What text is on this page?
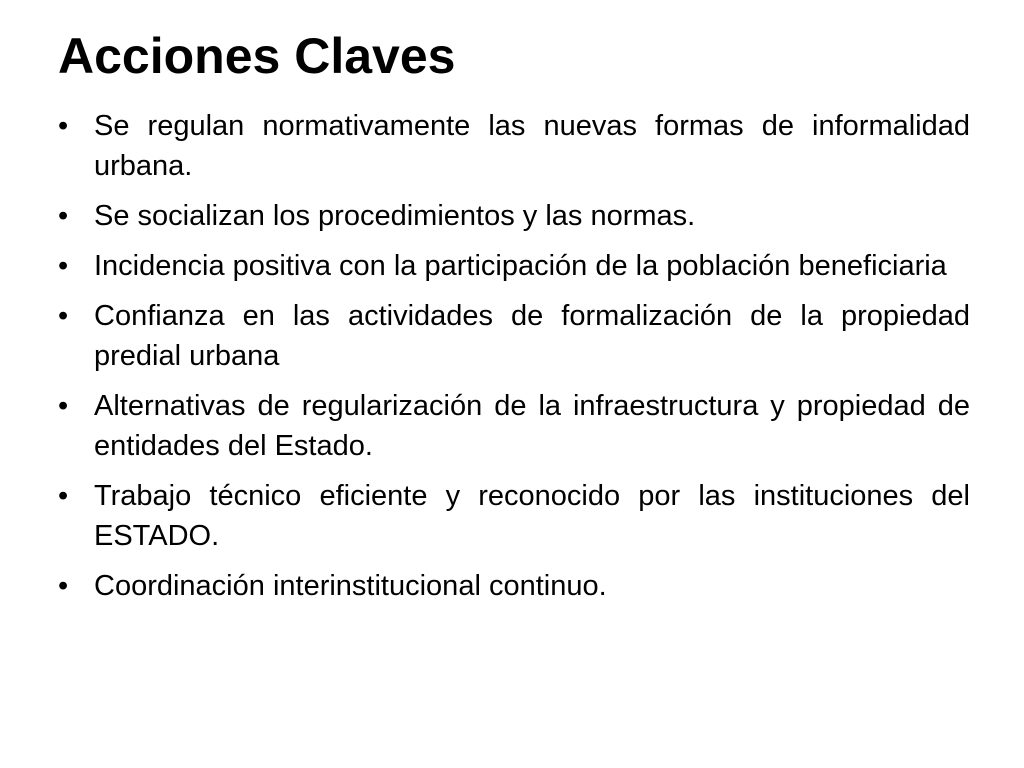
Acciones Claves
• Se regulan normativamente las nuevas formas de informalidad urbana.
• Se socializan los procedimientos y las normas.
• Incidencia positiva con la participación de la población beneficiaria
• Confianza en las actividades de formalización de la propiedad predial urbana
• Alternativas de regularización de la infraestructura y propiedad de entidades del Estado.
• Trabajo técnico eficiente y reconocido por las instituciones del ESTADO.
• Coordinación interinstitucional continuo.
